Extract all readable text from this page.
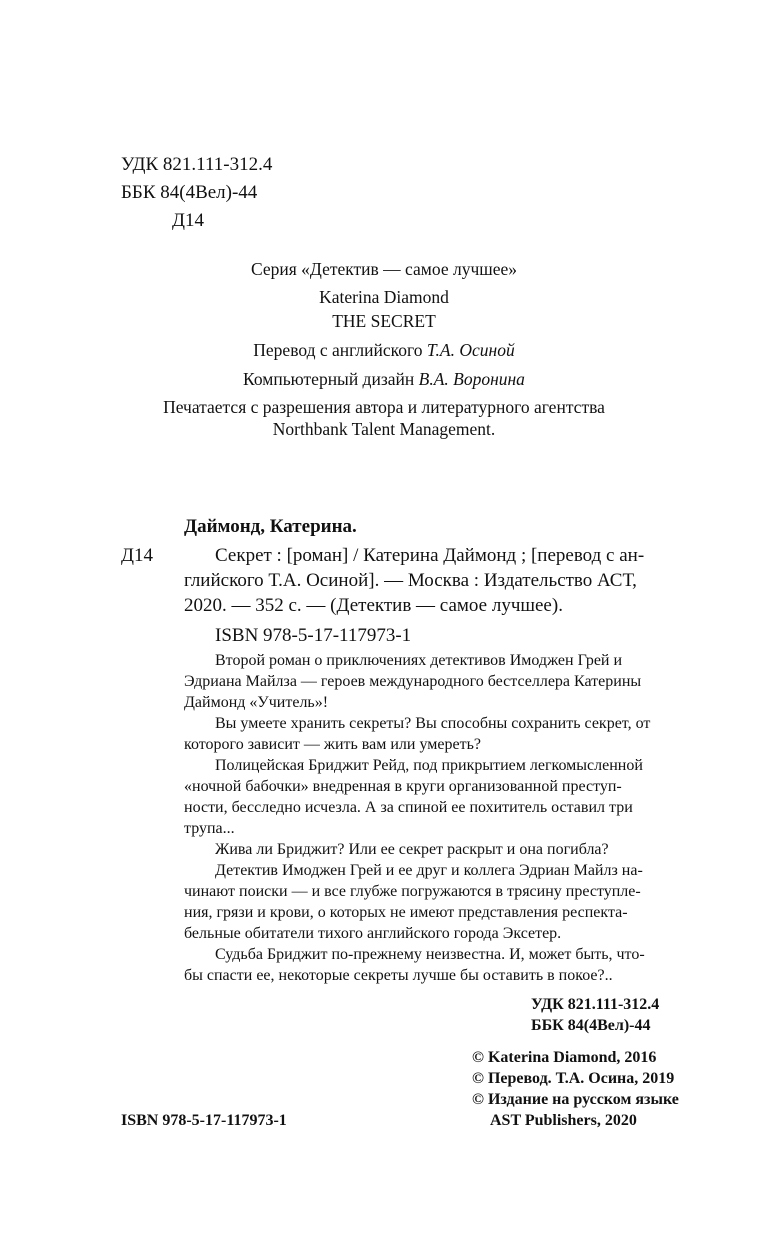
УДК 821.111-312.4
ББК 84(4Вел)-44
Д14
Серия «Детектив — самое лучшее»
Katerina Diamond
THE SECRET
Перевод с английского Т.А. Осиной
Компьютерный дизайн В.А. Воронина
Печатается с разрешения автора и литературного агентства
Northbank Talent Management.
Даймонд, Катерина.
Д14	Секрет : [роман] / Катерина Даймонд ; [перевод с ан-
глийского Т.А. Осиной]. — Москва : Издательство АСТ,
2020. — 352 с. — (Детектив — самое лучшее).
ISBN 978-5-17-117973-1
Второй роман о приключениях детективов Имоджен Грей и
Эдриана Майлза — героев международного бестселлера Катерины
Даймонд «Учитель»!
Вы умеете хранить секреты? Вы способны сохранить секрет, от
которого зависит — жить вам или умереть?
Полицейская Бриджит Рейд, под прикрытием легкомысленной
«ночной бабочки» внедренная в круги организованной преступ-
ности, бесследно исчезла. А за спиной ее похититель оставил три
трупа...
Жива ли Бриджит? Или ее секрет раскрыт и она погибла?
Детектив Имоджен Грей и ее друг и коллега Эдриан Майлз на-
чинают поиски — и все глубже погружаются в трясину преступле-
ния, грязи и крови, о которых не имеют представления респекта-
бельные обитатели тихого английского города Эксетер.
Судьба Бриджит по-прежнему неизвестна. И, может быть, что-
бы спасти ее, некоторые секреты лучше бы оставить в покое?..
УДК 821.111-312.4
ББК 84(4Вел)-44
© Katerina Diamond, 2016
© Перевод. Т.А. Осина, 2019
© Издание на русском языке
ISBN 978-5-17-117973-1	AST Publishers, 2020
